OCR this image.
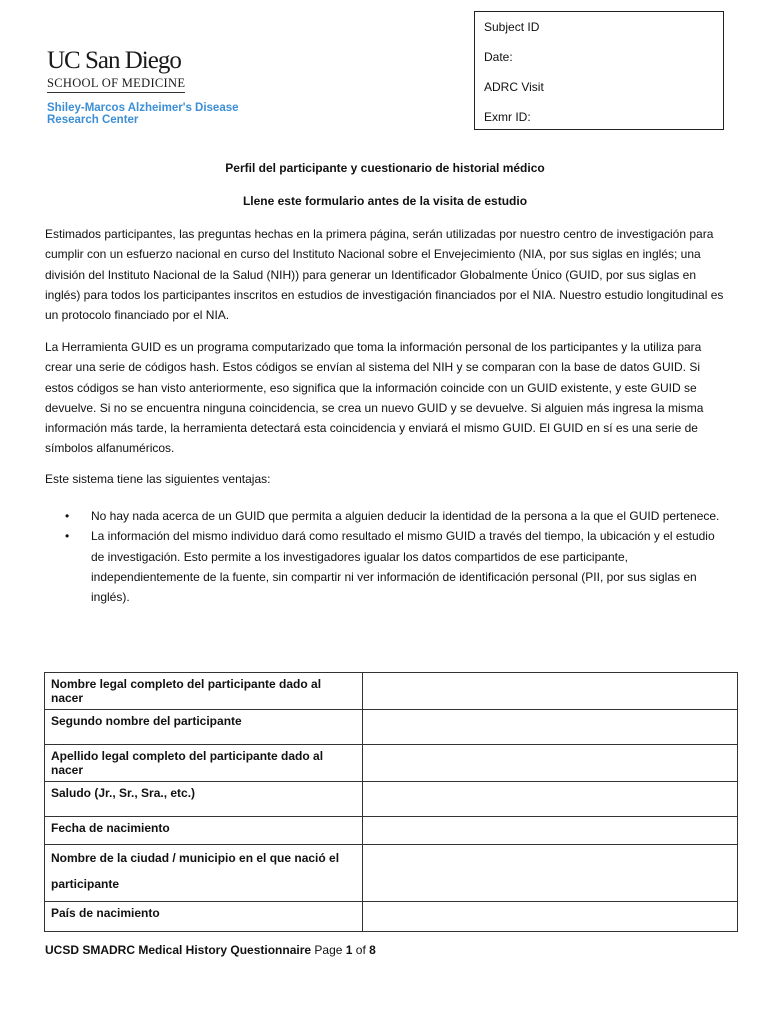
UC San Diego
SCHOOL OF MEDICINE
Shiley-Marcos Alzheimer's Disease
Research Center
Subject ID
Date:
ADRC Visit
Exmr ID:
Perfil del participante y cuestionario de historial médico
Llene este formulario antes de la visita de estudio

Estimados participantes, las preguntas hechas en la primera página, serán utilizadas por nuestro centro de investigación para cumplir con un esfuerzo nacional en curso del Instituto Nacional sobre el Envejecimiento (NIA, por sus siglas en inglés; una división del Instituto Nacional de la Salud (NIH)) para generar un Identificador Globalmente Único (GUID, por sus siglas en inglés) para todos los participantes inscritos en estudios de investigación financiados por el NIA. Nuestro estudio longitudinal es un protocolo financiado por el NIA.

La Herramienta GUID es un programa computarizado que toma la información personal de los participantes y la utiliza para crear una serie de códigos hash. Estos códigos se envían al sistema del NIH y se comparan con la base de datos GUID. Si estos códigos se han visto anteriormente, eso significa que la información coincide con un GUID existente, y este GUID se devuelve. Si no se encuentra ninguna coincidencia, se crea un nuevo GUID y se devuelve. Si alguien más ingresa la misma información más tarde, la herramienta detectará esta coincidencia y enviará el mismo GUID. El GUID en sí es una serie de símbolos alfanuméricos.

Este sistema tiene las siguientes ventajas:

• No hay nada acerca de un GUID que permita a alguien deducir la identidad de la persona a la que el GUID pertenece.
• La información del mismo individuo dará como resultado el mismo GUID a través del tiempo, la ubicación y el estudio de investigación. Esto permite a los investigadores igualar los datos compartidos de ese participante, independientemente de la fuente, sin compartir ni ver información de identificación personal (PII, por sus siglas en inglés).
Nombre legal completo del participante dado al nacer	
Segundo nombre del participante	
Apellido legal completo del participante dado al nacer	
Saludo (Jr., Sr., Sra., etc.)	
Fecha de nacimiento	
Nombre de la ciudad / municipio en el que nació el participante	
País de nacimiento	
UCSD SMADRC Medical History Questionnaire Page 1 of 8
